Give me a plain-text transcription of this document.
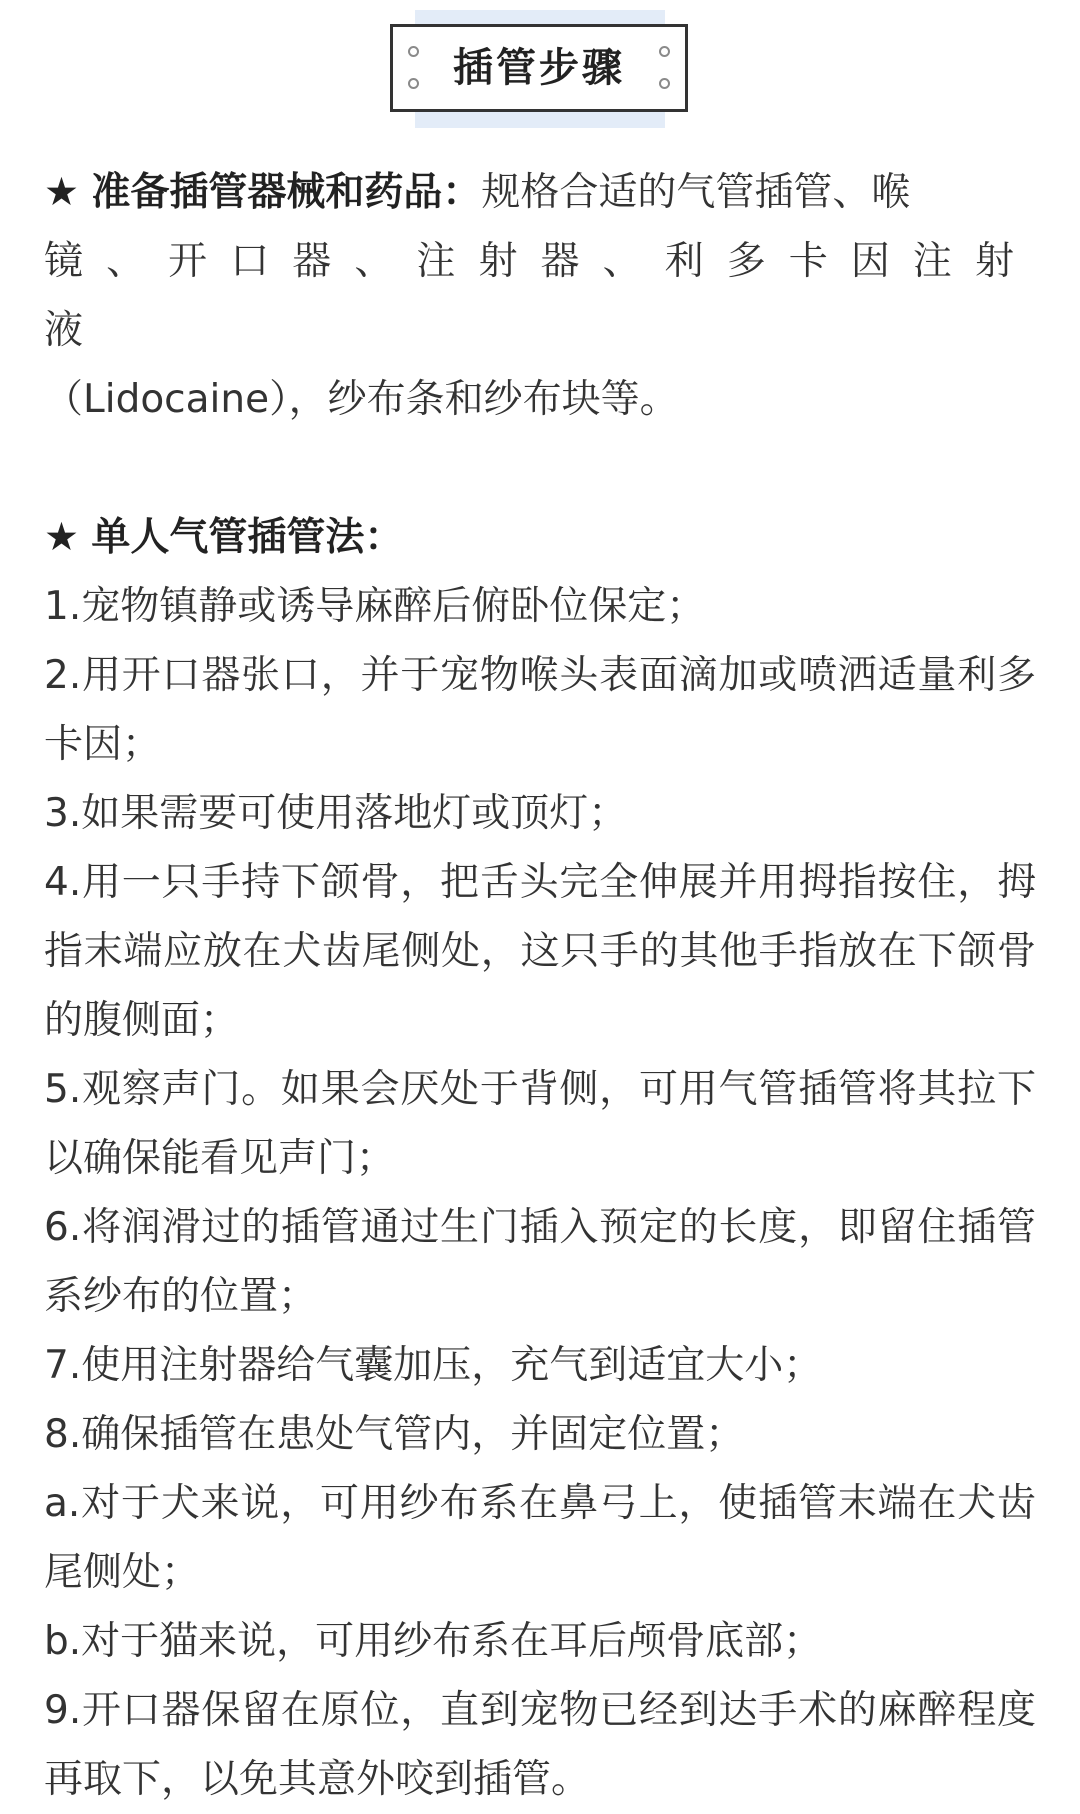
插管步骤

★ 准备插管器械和药品：规格合适的气管插管、喉
镜、开口器、注射器、利多卡因注射液
（Lidocaine），纱布条和纱布块等。

★ 单人气管插管法：

1.宠物镇静或诱导麻醉后俯卧位保定；

2.用开口器张口，并于宠物喉头表面滴加或喷洒适量利多卡因；

3.如果需要可使用落地灯或顶灯；

4.用一只手持下颌骨，把舌头完全伸展并用拇指按住，拇指末端应放在犬齿尾侧处，这只手的其他手指放在下颌骨的腹侧面；

5.观察声门。如果会厌处于背侧，可用气管插管将其拉下以确保能看见声门；

6.将润滑过的插管通过生门插入预定的长度，即留住插管系纱布的位置；

7.使用注射器给气囊加压，充气到适宜大小；

8.确保插管在患处气管内，并固定位置；

a.对于犬来说，可用纱布系在鼻弓上，使插管末端在犬齿尾侧处；

b.对于猫来说，可用纱布系在耳后颅骨底部；

9.开口器保留在原位，直到宠物已经到达手术的麻醉程度再取下，以免其意外咬到插管。
